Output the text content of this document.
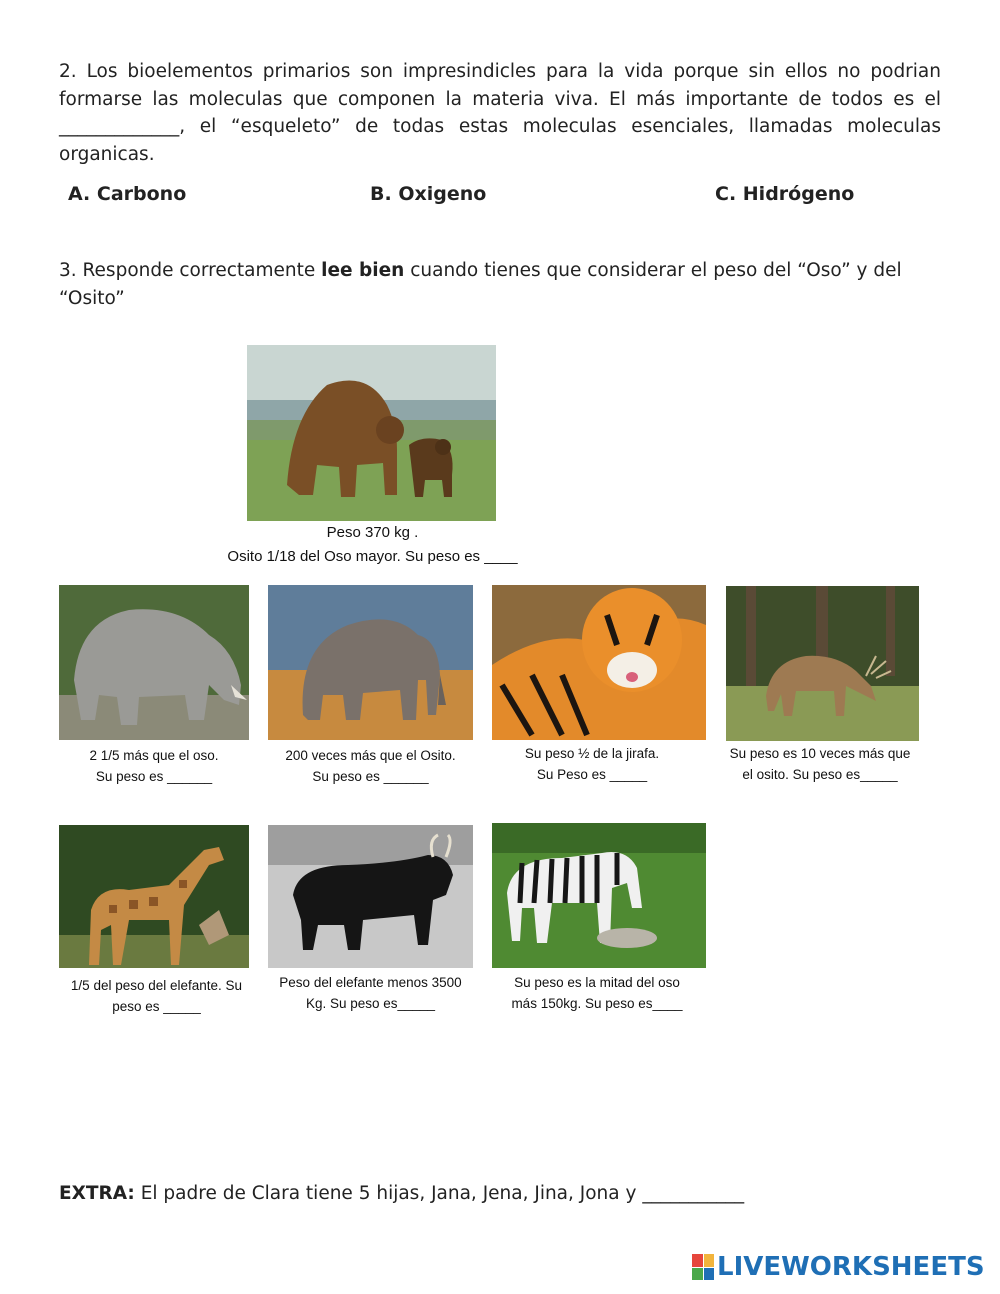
2. Los bioelementos primarios son impresindicles para la vida porque sin ellos no podrian formarse las moleculas que componen la materia viva. El más importante de todos es el _____________, el “esqueleto” de todas estas moleculas esenciales, llamadas moleculas organicas.
A. Carbono	B. Oxigeno	C. Hidrógeno
3. Responde correctamente lee bien cuando tienes que considerar el peso del “Oso” y del “Osito”
Peso 370 kg .
Osito 1/18 del Oso mayor. Su peso es ____
2 1/5 más que el oso.
Su peso es ______
200 veces más que el Osito.
Su peso es ______
Su peso ½ de la jirafa.
Su Peso es _____
Su peso es 10 veces más que
el osito. Su peso es_____
1/5 del peso del elefante. Su
peso es _____
Peso del elefante menos 3500
Kg. Su peso es_____
Su peso es la mitad del oso
más 150kg. Su peso es____
EXTRA: El padre de Clara tiene 5 hijas, Jana, Jena, Jina, Jona y ___________
LIVEWORKSHEETS
